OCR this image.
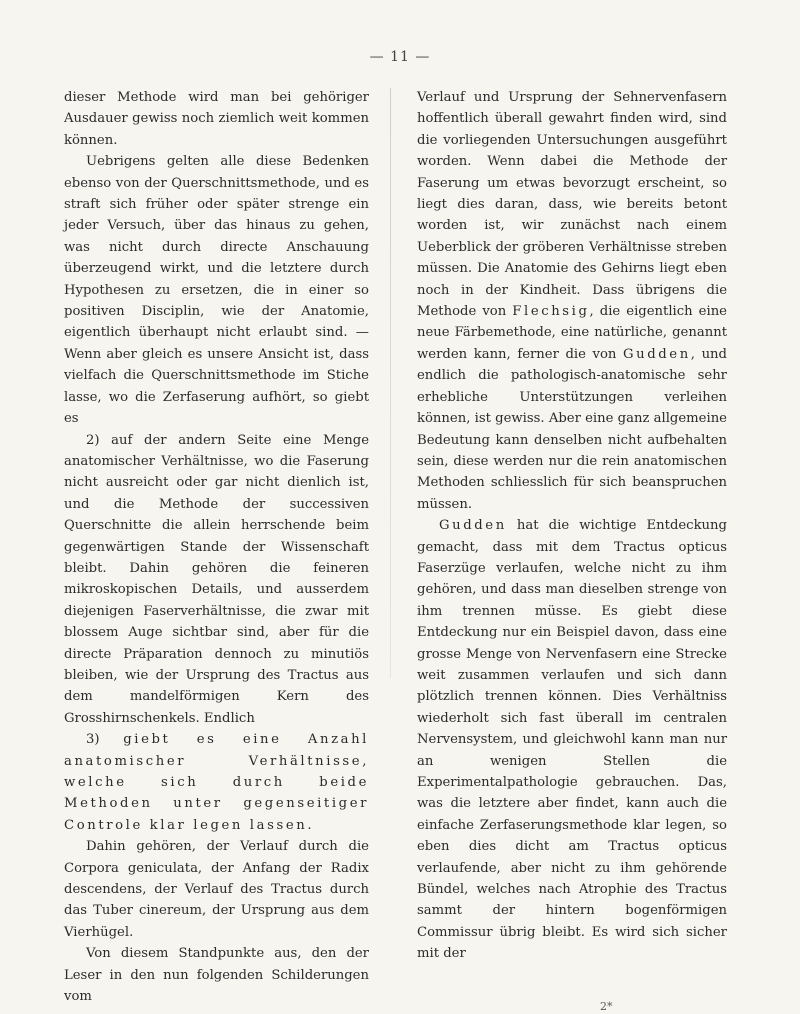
— 11 —

dieser Methode wird man bei gehöriger Ausdauer gewiss noch ziemlich weit kommen können.

Uebrigens gelten alle diese Bedenken ebenso von der Querschnittsmethode, und es straft sich früher oder später strenge ein jeder Versuch, über das hinaus zu gehen, was nicht durch directe Anschauung überzeugend wirkt, und die letztere durch Hypothesen zu ersetzen, die in einer so positiven Disciplin, wie der Anatomie, eigentlich überhaupt nicht erlaubt sind. — Wenn aber gleich es unsere Ansicht ist, dass vielfach die Querschnittsmethode im Stiche lasse, wo die Zerfaserung aufhört, so giebt es

2) auf der andern Seite eine Menge anatomischer Verhältnisse, wo die Faserung nicht ausreicht oder gar nicht dienlich ist, und die Methode der successiven Querschnitte die allein herrschende beim gegenwärtigen Stande der Wissenschaft bleibt. Dahin gehören die feineren mikroskopischen Details, und ausserdem diejenigen Faserverhältnisse, die zwar mit blossem Auge sichtbar sind, aber für die directe Präparation dennoch zu minutiös bleiben, wie der Ursprung des Tractus aus dem mandelförmigen Kern des Grosshirnschenkels. Endlich

3) giebt es eine Anzahl anatomischer Verhältnisse, welche sich durch beide Methoden unter gegenseitiger Controle klar legen lassen.

Dahin gehören, der Verlauf durch die Corpora geniculata, der Anfang der Radix descendens, der Verlauf des Tractus durch das Tuber cinereum, der Ursprung aus dem Vierhügel.

Von diesem Standpunkte aus, den der Leser in den nun folgenden Schilderungen vom

Verlauf und Ursprung der Sehnervenfasern hoffentlich überall gewahrt finden wird, sind die vorliegenden Untersuchungen ausgeführt worden. Wenn dabei die Methode der Faserung um etwas bevorzugt erscheint, so liegt dies daran, dass, wie bereits betont worden ist, wir zunächst nach einem Ueberblick der gröberen Verhältnisse streben müssen. Die Anatomie des Gehirns liegt eben noch in der Kindheit. Dass übrigens die Methode von Flechsig, die eigentlich eine neue Färbemethode, eine natürliche, genannt werden kann, ferner die von Gudden, und endlich die pathologisch-anatomische sehr erhebliche Unterstützungen verleihen können, ist gewiss. Aber eine ganz allgemeine Bedeutung kann denselben nicht aufbehalten sein, diese werden nur die rein anatomischen Methoden schliesslich für sich beanspruchen müssen.

Gudden hat die wichtige Entdeckung gemacht, dass mit dem Tractus opticus Faserzüge verlaufen, welche nicht zu ihm gehören, und dass man dieselben strenge von ihm trennen müsse. Es giebt diese Entdeckung nur ein Beispiel davon, dass eine grosse Menge von Nervenfasern eine Strecke weit zusammen verlaufen und sich dann plötzlich trennen können. Dies Verhältniss wiederholt sich fast überall im centralen Nervensystem, und gleichwohl kann man nur an wenigen Stellen die Experimentalpathologie gebrauchen. Das, was die letztere aber findet, kann auch die einfache Zerfaserungsmethode klar legen, so eben dies dicht am Tractus opticus verlaufende, aber nicht zu ihm gehörende Bündel, welches nach Atrophie des Tractus sammt der hintern bogenförmigen Commissur übrig bleibt. Es wird sich sicher mit der

2*
